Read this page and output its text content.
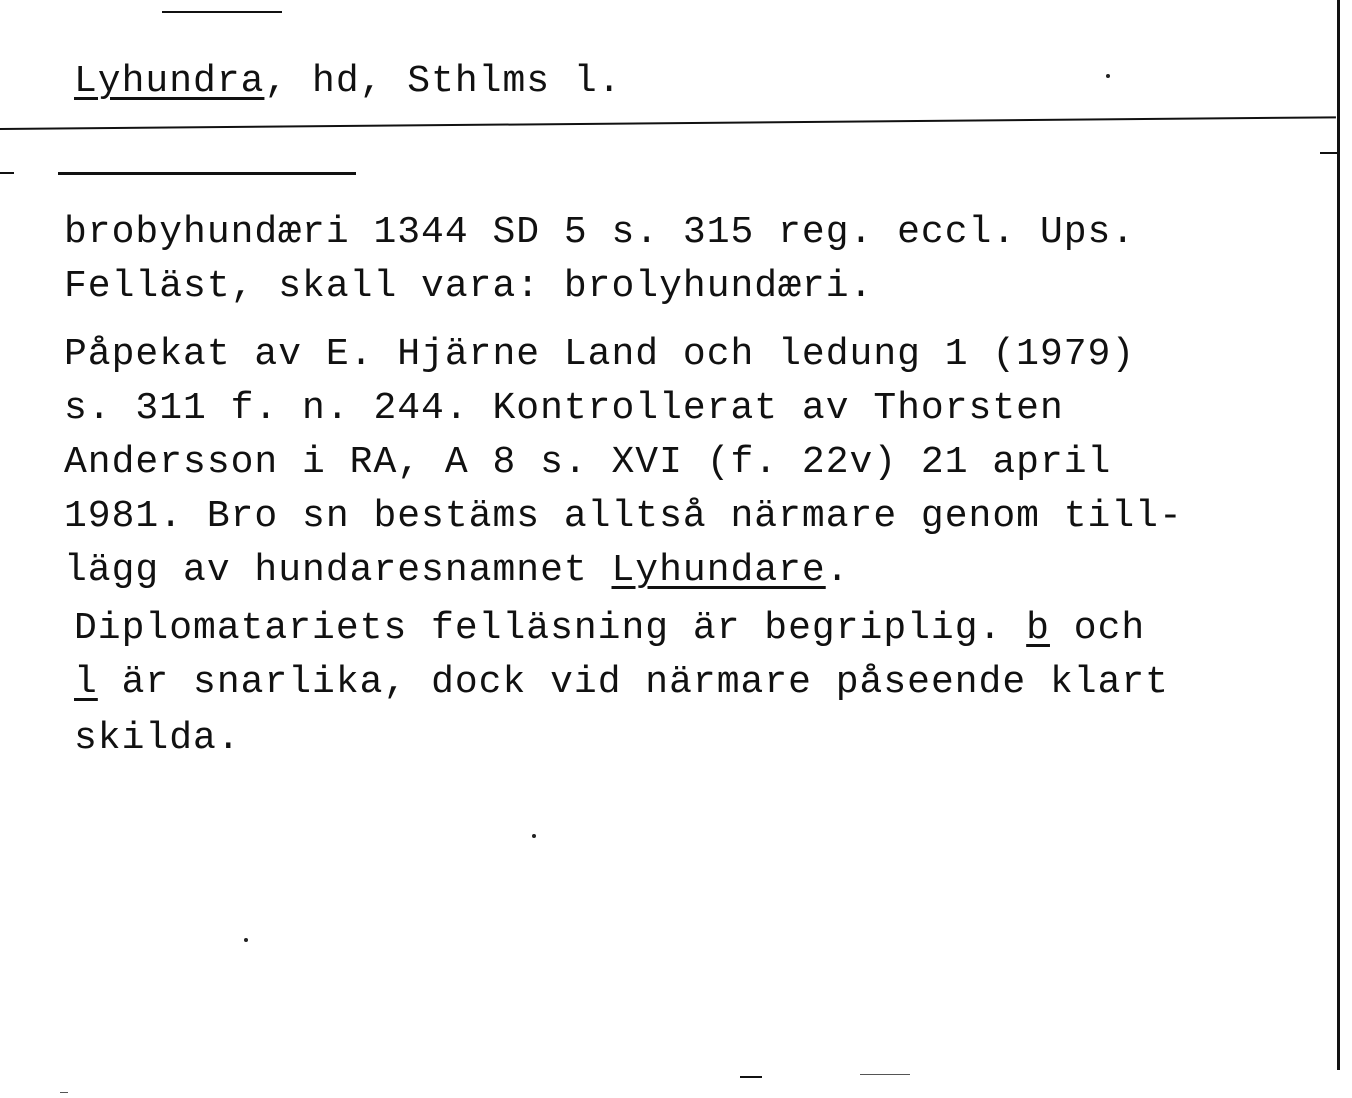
Lyhundra, hd, Sthlms l.
brobyhundæri 1344 SD 5 s. 315 reg. eccl. Ups.
Felläst, skall vara: brolyhundæri.
Påpekat av E. Hjärne Land och ledung 1 (1979)
s. 311 f. n. 244. Kontrollerat av Thorsten
Andersson i RA, A 8 s. XVI (f. 22v) 21 april
1981. Bro sn bestäms alltså närmare genom till-
lägg av hundaresnamnet Lyhundare.
Diplomatariets felläsning är begriplig. b och
l är snarlika, dock vid närmare påseende klart
skilda.
